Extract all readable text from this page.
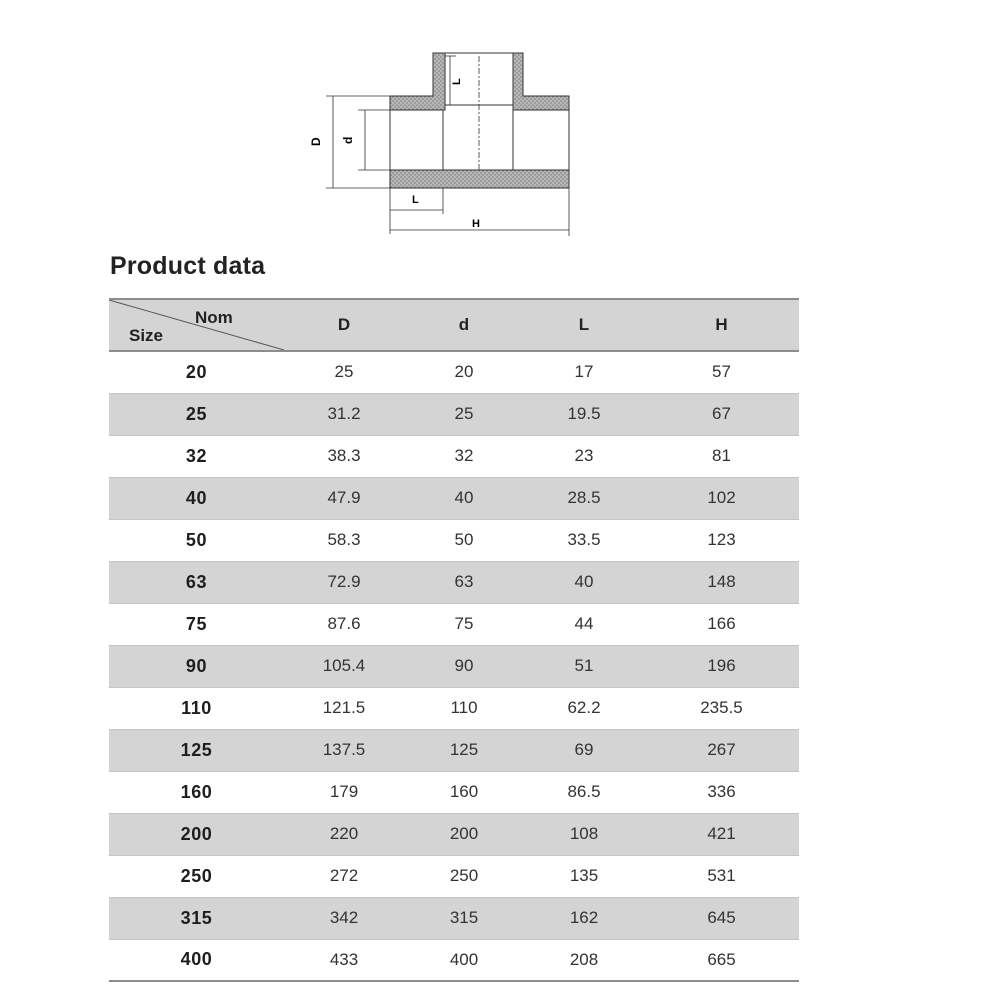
L
D d
L
H
Product data
Nom
Size	D	d	L	H
20	25	20	17	57
25	31.2	25	19.5	67
32	38.3	32	23	81
40	47.9	40	28.5	102
50	58.3	50	33.5	123
63	72.9	63	40	148
75	87.6	75	44	166
90	105.4	90	51	196
110	121.5	110	62.2	235.5
125	137.5	125	69	267
160	179	160	86.5	336
200	220	200	108	421
250	272	250	135	531
315	342	315	162	645
400	433	400	208	665
